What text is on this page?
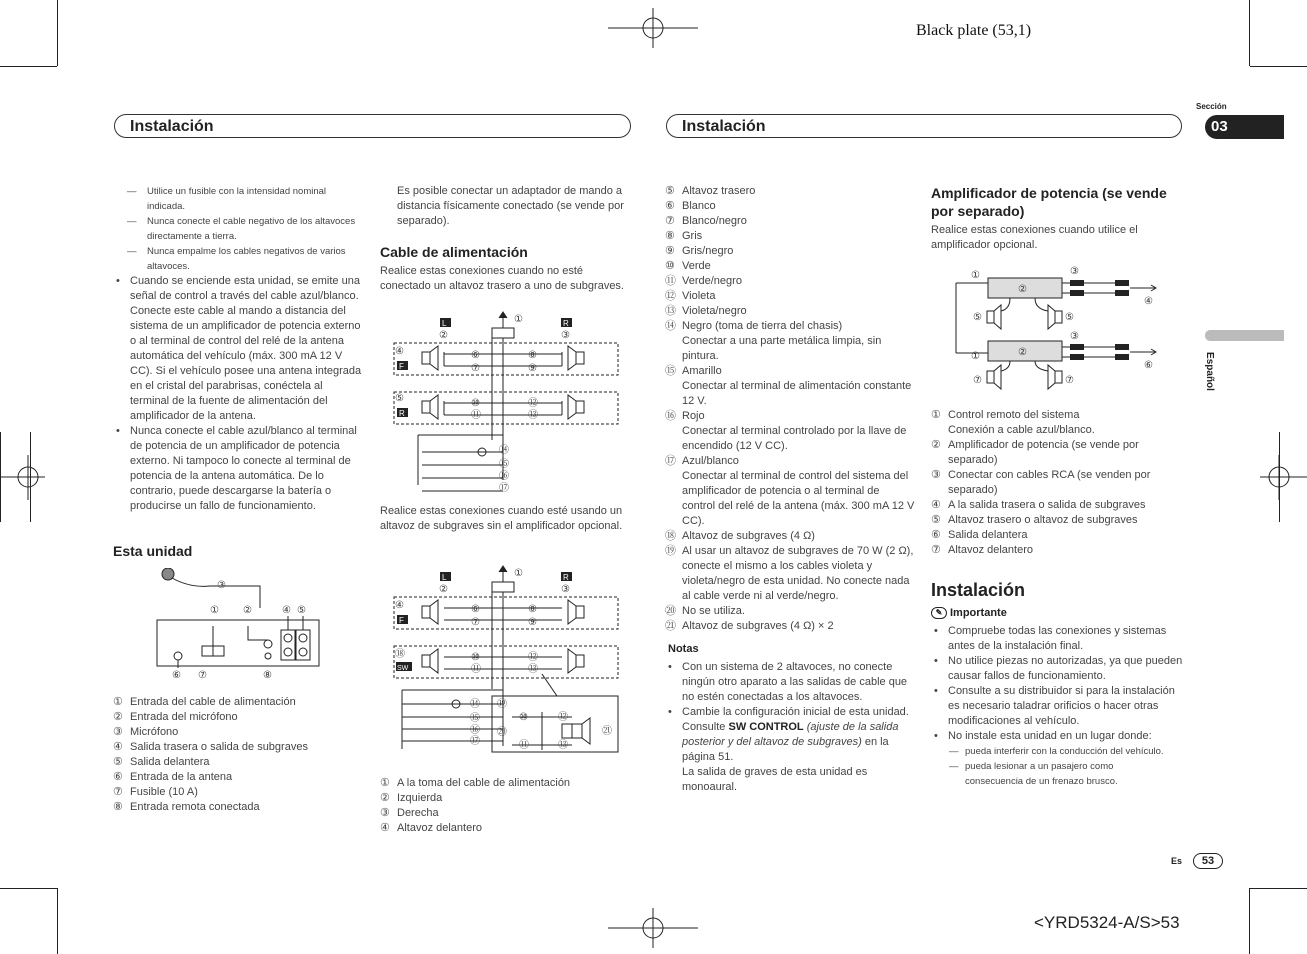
Black plate (53,1)
Sección
03
Español
Instalación	Instalación
— Utilice un fusible con la intensidad nominal indicada.
— Nunca conecte el cable negativo de los altavoces directamente a tierra.
— Nunca empalme los cables negativos de varios altavoces.
• Cuando se enciende esta unidad, se emite una señal de control a través del cable azul/blanco. Conecte este cable al mando a distancia del sistema de un amplificador de potencia externo o al terminal de control del relé de la antena automática del vehículo (máx. 300 mA 12 V CC). Si el vehículo posee una antena integrada en el cristal del parabrisas, conéctela al terminal de la fuente de alimentación del amplificador de la antena.
• Nunca conecte el cable azul/blanco al terminal de potencia de un amplificador de potencia externo. Ni tampoco lo conecte al terminal de potencia de la antena automática. De lo contrario, puede descargarse la batería o producirse un fallo de funcionamiento.
Esta unidad
③
① ②	④ ⑤
⑥ ⑦	⑧
① Entrada del cable de alimentación
② Entrada del micrófono
③ Micrófono
④ Salida trasera o salida de subgraves
⑤ Salida delantera
⑥ Entrada de la antena
⑦ Fusible (10 A)
⑧ Entrada remota conectada
Es posible conectar un adaptador de mando a distancia físicamente conectado (se vende por separado).
Cable de alimentación
Realice estas conexiones cuando no esté conectado un altavoz trasero a uno de subgraves.
L	R
F
R
①
②	③
④
⑤
⑥
⑦
⑧
⑨
⑩
⑪
⑫
⑬
⑭
⑮
⑯
⑰
Realice estas conexiones cuando esté usando un altavoz de subgraves sin el amplificador opcional.
L	R
F
SW
①
②	③
④
⑱
⑥
⑦
⑧
⑨
⑩
⑪
⑫
⑬
⑭
⑮
⑯
⑰
⑲
⑳
⑩
⑪
⑫
⑬
㉑
① A la toma del cable de alimentación
② Izquierda
③ Derecha
④ Altavoz delantero
⑤ Altavoz trasero
⑥ Blanco
⑦ Blanco/negro
⑧ Gris
⑨ Gris/negro
⑩ Verde
⑪ Verde/negro
⑫ Violeta
⑬ Violeta/negro
⑭ Negro (toma de tierra del chasis)
Conectar a una parte metálica limpia, sin pintura.
⑮ Amarillo
Conectar al terminal de alimentación constante 12 V.
⑯ Rojo
Conectar al terminal controlado por la llave de encendido (12 V CC).
⑰ Azul/blanco
Conectar al terminal de control del sistema del amplificador de potencia o al terminal de control del relé de la antena (máx. 300 mA 12 V CC).
⑱ Altavoz de subgraves (4 Ω)
⑲ Al usar un altavoz de subgraves de 70 W (2 Ω), conecte el mismo a los cables violeta y violeta/negro de esta unidad. No conecte nada al cable verde ni al verde/negro.
⑳ No se utiliza.
㉑ Altavoz de subgraves (4 Ω) × 2
Notas
• Con un sistema de 2 altavoces, no conecte ningún otro aparato a las salidas de cable que no estén conectadas a los altavoces.
• Cambie la configuración inicial de esta unidad. Consulte SW CONTROL (ajuste de la salida posterior y del altavoz de subgraves) en la página 51.
La salida de graves de esta unidad es monoaural.
Amplificador de potencia (se vende por separado)
Realice estas conexiones cuando utilice el amplificador opcional.
①
①
②
②
③
③
④
⑥
⑤	⑤
⑦	⑦
① Control remoto del sistema
Conexión a cable azul/blanco.
② Amplificador de potencia (se vende por separado)
③ Conectar con cables RCA (se venden por separado)
④ A la salida trasera o salida de subgraves
⑤ Altavoz trasero o altavoz de subgraves
⑥ Salida delantera
⑦ Altavoz delantero
Instalación
✎ Importante
• Compruebe todas las conexiones y sistemas antes de la instalación final.
• No utilice piezas no autorizadas, ya que pueden causar fallos de funcionamiento.
• Consulte a su distribuidor si para la instalación es necesario taladrar orificios o hacer otras modificaciones al vehículo.
• No instale esta unidad en un lugar donde:
— pueda interferir con la conducción del vehículo.
— pueda lesionar a un pasajero como consecuencia de un frenazo brusco.
Es	53
<YRD5324-A/S>53
